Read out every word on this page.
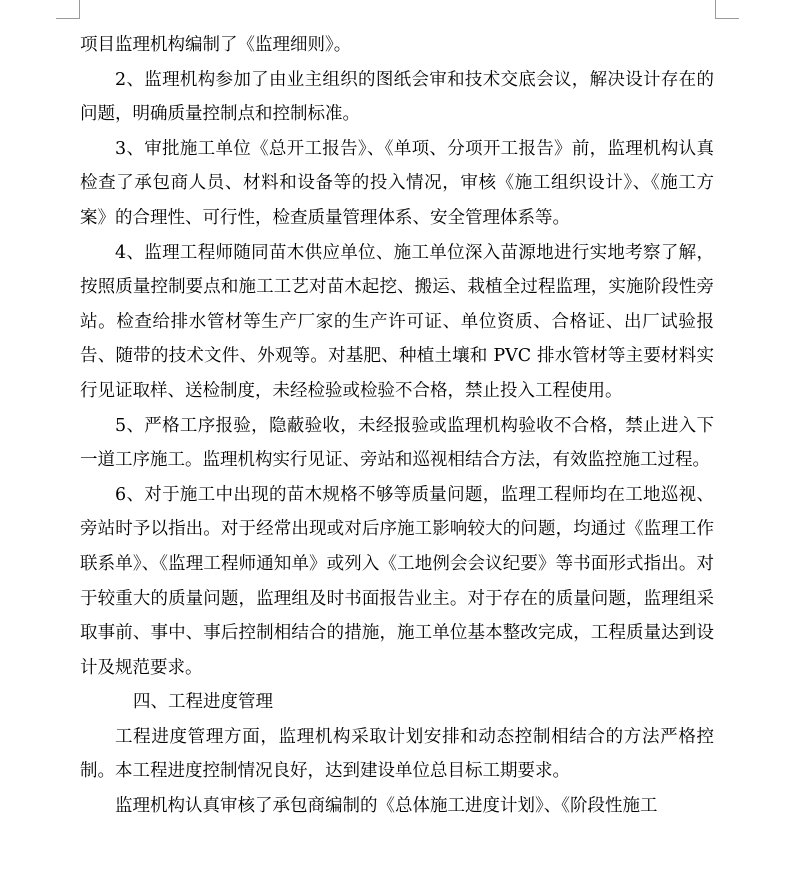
项目监理机构编制了《监理细则》。

2、监理机构参加了由业主组织的图纸会审和技术交底会议，解决设计存在的问题，明确质量控制点和控制标准。

3、审批施工单位《总开工报告》、《单项、分项开工报告》前，监理机构认真检查了承包商人员、材料和设备等的投入情况，审核《施工组织设计》、《施工方案》的合理性、可行性，检查质量管理体系、安全管理体系等。

4、监理工程师随同苗木供应单位、施工单位深入苗源地进行实地考察了解，按照质量控制要点和施工工艺对苗木起挖、搬运、栽植全过程监理，实施阶段性旁站。检查给排水管材等生产厂家的生产许可证、单位资质、合格证、出厂试验报告、随带的技术文件、外观等。对基肥、种植土壤和 PVC 排水管材等主要材料实行见证取样、送检制度，未经检验或检验不合格，禁止投入工程使用。

5、严格工序报验，隐蔽验收，未经报验或监理机构验收不合格，禁止进入下一道工序施工。监理机构实行见证、旁站和巡视相结合方法，有效监控施工过程。

6、对于施工中出现的苗木规格不够等质量问题，监理工程师均在工地巡视、旁站时予以指出。对于经常出现或对后序施工影响较大的问题，均通过《监理工作联系单》、《监理工程师通知单》或列入《工地例会会议纪要》等书面形式指出。对于较重大的质量问题，监理组及时书面报告业主。对于存在的质量问题，监理组采取事前、事中、事后控制相结合的措施，施工单位基本整改完成，工程质量达到设计及规范要求。

四、工程进度管理

工程进度管理方面，监理机构采取计划安排和动态控制相结合的方法严格控制。本工程进度控制情况良好，达到建设单位总目标工期要求。

监理机构认真审核了承包商编制的《总体施工进度计划》、《阶段性施工
